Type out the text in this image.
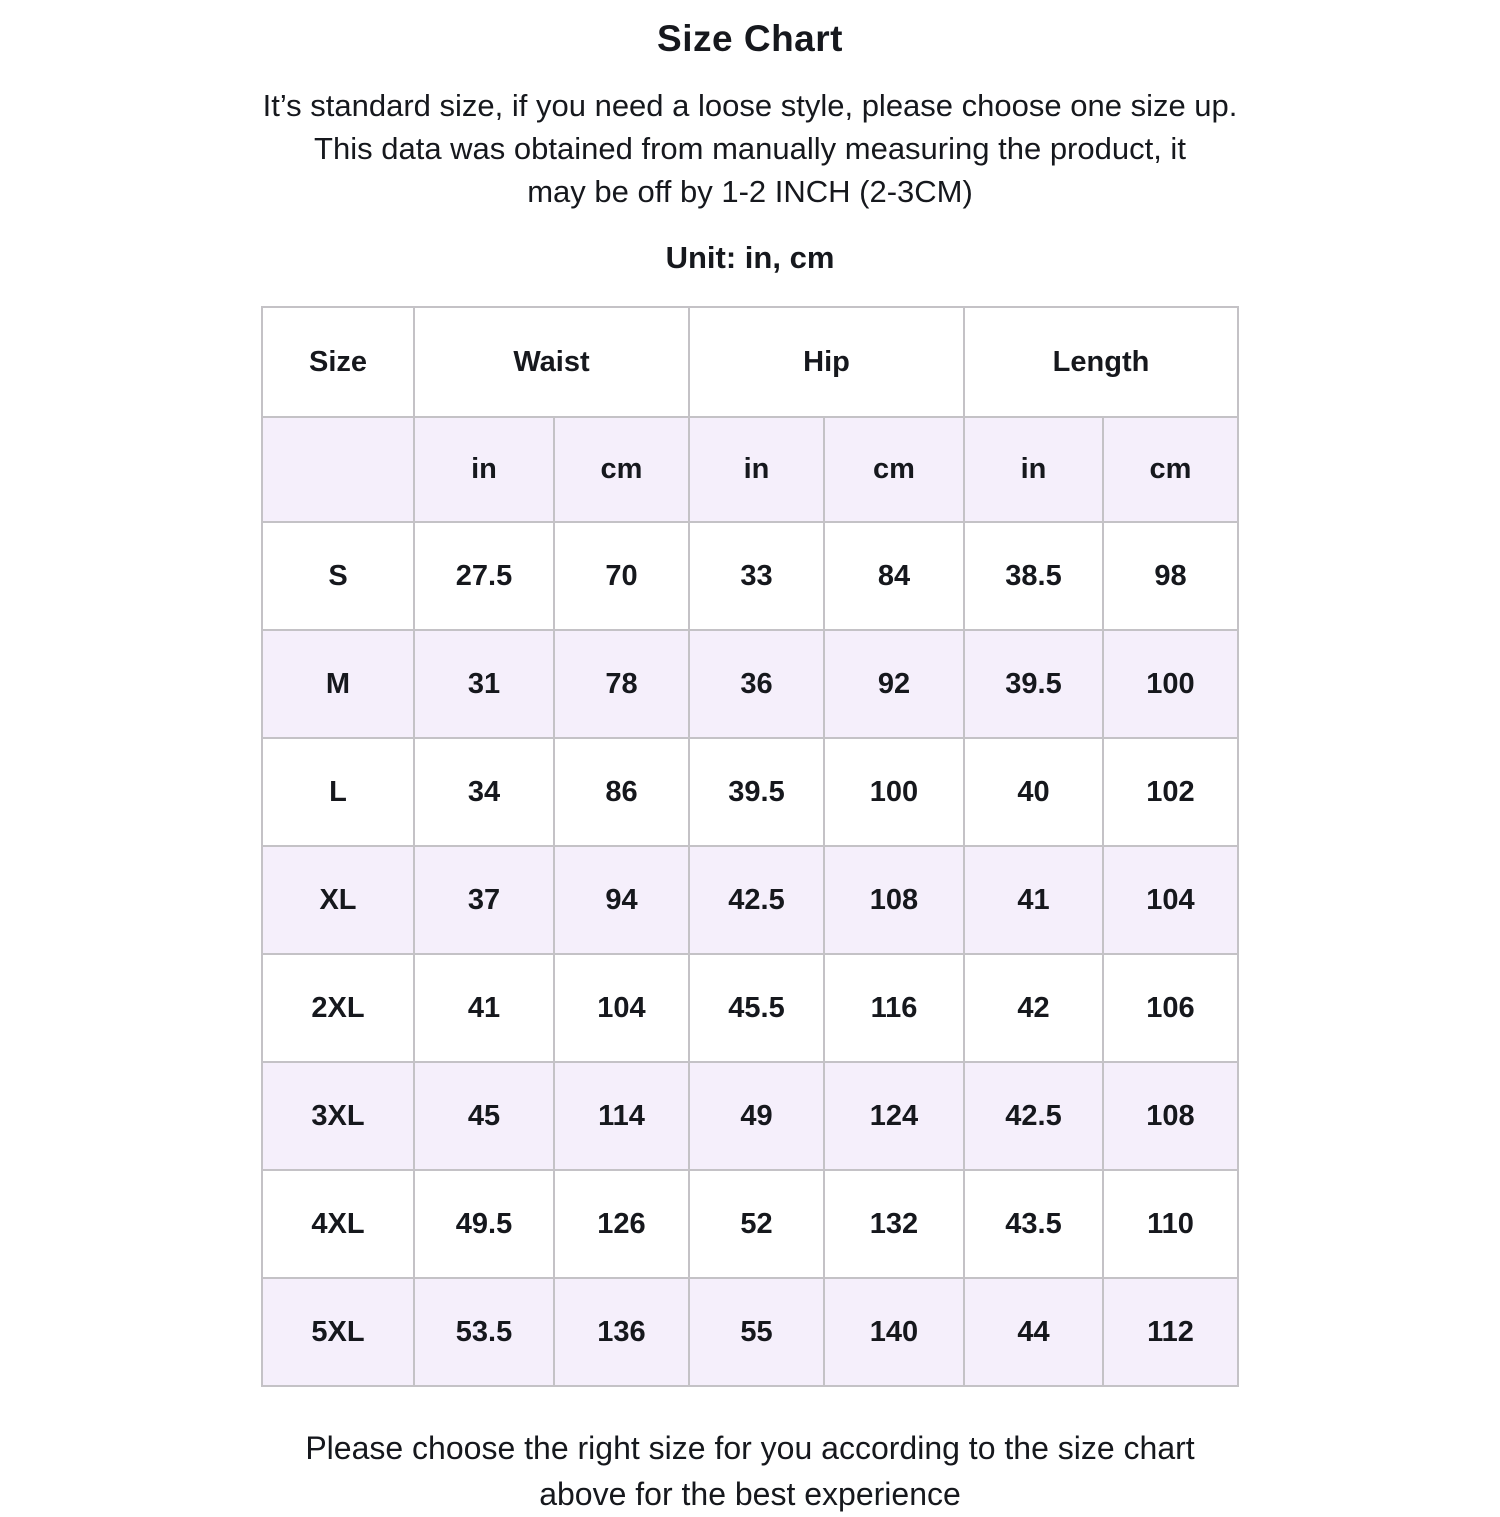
Size Chart
It’s standard size, if you need a loose style, please choose one size up.
This data was obtained from manually measuring the product, it
may be off by 1-2 INCH (2-3CM)
Unit: in, cm
Size	Waist		Hip		Length	
	in	cm	in	cm	in	cm
S	27.5	70	33	84	38.5	98
M	31	78	36	92	39.5	100
L	34	86	39.5	100	40	102
XL	37	94	42.5	108	41	104
2XL	41	104	45.5	116	42	106
3XL	45	114	49	124	42.5	108
4XL	49.5	126	52	132	43.5	110
5XL	53.5	136	55	140	44	112
Please choose the right size for you according to the size chart
above for the best experience
